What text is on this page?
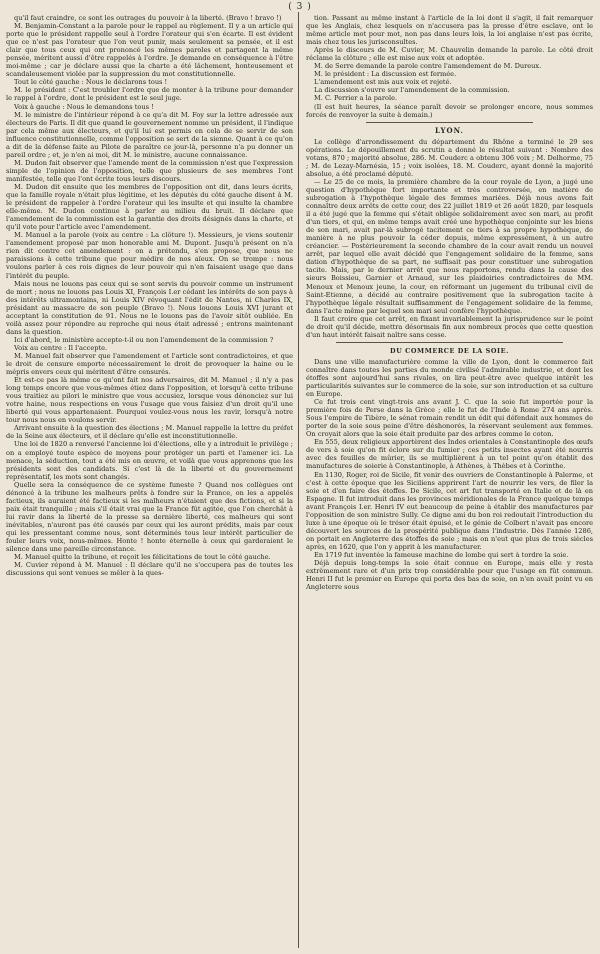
( 3 )

qu'il faut craindre, ce sont les outrages du pouvoir à la liberté. (Bravo ! bravo !)

M. Benjamin-Constant a la parole pour le rappel au règlement. Il y a un article qui porte que le président rappelle seul à l'ordre l'orateur qui s'en écarte. Il est évident que ce n'est pas l'orateur que l'on veut punir, mais seulement sa pensée, et il est clair que tous ceux qui ont prononcé les mêmes paroles et partagent la même pensée, méritent aussi d'être rappelés à l'ordre. Je demande en conséquence à l'être moi-même ; car je déclare aussi que la charte a été lâchement, honteusement et scandaleusement violée par la suppression du mot constitutionnelle.

Tout le côté gauche : Nous le déclarons tous !

M. le président : C'est troubler l'ordre que de monter à la tribune pour demander le rappel à l'ordre, dont le président est le seul juge.

Voix à gauche : Nous le demandons tous !

M. le ministre de l'intérieur répond à ce qu'a dit M. Foy sur la lettre adressée aux électeurs de Paris. Il dit que quand le gouvernement nomme un président, il l'indique par cela même aux électeurs, et qu'il lui est permis en cela de se servir de son influence constitutionnelle, comme l'opposition se sert de la sienne. Quant à ce qu'on a dit de la défense faite au Pilote de paraître ce jour-là, personne n'a pu donner un pareil ordre ; et, je n'en ai moi, dit M. le ministre, aucune connaissance.

M. Dudon fait observer que l'amende ment de la commission n'est que l'expression simple de l'opinion de l'opposition, telle que plusieurs de ses membres l'ont manifestée, telle que l'ont écrite tous leurs discours.

M. Dudon dit ensuite que les membres de l'opposition ont dit, dans leurs écrits, que la famille royale n'était plus légitime, et les députés du côté gauche disent à M. le président de rappeler à l'ordre l'orateur qui les insulte et qui insulte la chambre elle-même. M. Dudon continue à parler au milieu du bruit. Il déclare que l'amendement de la commission est la garantie des droits désignés dans la charte, et qu'il vote pour l'article avec l'amendement.

M. Manuel a la parole (voix au centre : La clôture !). Messieurs, je viens soutenir l'amendement proposé par mon honorable ami M. Dupont. Jusqu'à présent on n'a rien dit contre cet amendement : on a prétendu, s'en propose, que nous ne paraissions à cette tribune que pour médire de nos aïeux. On se trompe : nous voulons parler à ces rois dignes de leur pouvoir qui n'en faisaient usage que dans l'intérêt du peuple.

Mais nous ne louons pas ceux qui se sont servis du pouvoir comme un instrument de mort ; nous ne louons pas Louis XI, François I.er cédant les intérêts de son pays à des intérêts ultramontains, ni Louis XIV révoquant l'édit de Nantes, ni Charles IX, présidant au massacre de son peuple (Bravo !). Nous louons Louis XVI jurant et acceptant la constitution de 91. Nous ne le louons pas de l'avoir sitôt oubliée. En voilà assez pour répondre au reproche qui nous était adressé ; entrons maintenant dans la question.

Ici d'abord, le ministère accepte-t-il ou non l'amendement de la commission ?

Voix au centre : Il l'accepte.

M. Manuel fait observer que l'amendement et l'article sont contradictoires, et que le droit de censure emporte nécessairement le droit de provoquer la haine ou le mépris envers ceux qui méritent d'être censurés.

Et est-ce pas là même ce qu'ont fait nos adversaires, dit M. Manuel ; il n'y a pas long temps encore que vous-mêmes étiez dans l'opposition, et lorsqu'à cette tribune vous traitiez au pilori le ministre que vous accusiez, lorsque vous dénonciez sur lui votre haine, nous respections en vous l'usage que vous faisiez d'un droit qu'il une liberté qui vous appartenaient. Pourquoi voulez-vous nous les ravir, lorsqu'à notre tour nous nous en voulons servir.

Arrivant ensuite à la question des élections ; M. Manuel rappelle la lettre du préfet de la Seine aux électeurs, et il déclare qu'elle est inconstitutionnelle.

Une loi de 1820 a renversé l'ancienne loi d'élections, elle y a introduit le privilège ; on a employé toute espèce de moyens pour protéger un parti et l'amener ici. La menace, la séduction, tout a été mis en œuvre, et voilà que vous apprenons que les présidents sont des candidats. Si c'est là de la liberté et du gouvernement représentatif, les mots sont changés.

Quelle sera la conséquence de ce système funeste ? Quand nos collègues ont dénoncé à la tribune les malheurs prêts à fondre sur la France, on les a appelés factieux, ils auraient été factieux si les malheurs n'étaient que des fictions, et si la paix était tranquille ; mais s'il était vrai que la France fût agitée, que l'on cherchât à lui ravir dans la liberté de la presse sa dernière liberté, ces malheurs qui sont inévitables, n'auront pas été causés par ceux qui les auront prédits, mais par ceux qui les pressentant comme nous, sont déterminés tous leur intérêt particulier de fouler leurs voix, nous-mêmes. Honte ! honte éternelle à ceux qui garderaient le silence dans une pareille circonstance.

M. Manuel quitte la tribune, et reçoit les félicitations de tout le côté gauche.

M. Cuvier répond à M. Manuel : Il déclare qu'il ne s'occupera pas de toutes les discussions qui sont venues se mêler à la ques-

tion. Passant au même instant à l'article de la loi dont il s'agit, il fait remarquer que les Anglais, chez lesquels on n'accusera pas la presse d'être esclave, ont le même article mot pour mot, non pas dans leurs lois, la loi anglaise n'est pas écrite, mais chez tous les jurisconsultes.

Après le discours de M. Cuvier, M. Chauvelin demande la parole. Le côté droit réclame la clôture ; elle est mise aux voix et adoptée.

M. de Serre demande la parole contre l'amendement de M. Dureux.

M. le président : La discussion est fermée.

L'amendement est mis aux voix et rejeté.

La discussion s'ouvre sur l'amendement de la commission.

M. C. Perrier a la parole.

(Il est huit heures, la séance paraît devoir se prolonger encore, nous sommes forcés de renvoyer la suite à demain.)

LYON.

Le collège d'arrondissement du département du Rhône a terminé le 29 ses opérations. Le dépouillement du scrutin a donné le résultat suivant : Nombre des votans, 870 ; majorité absolue, 286. M. Couderc a obtenu 306 voix ; M. Delhorme, 75 ; M. de Lezay-Marnésia, 15 ; voix isolées, 18. M. Couderc, ayant donné la majorité absolue, a été proclamé député.

— Le 25 de ce mois, la première chambre de la cour royale de Lyon, a jugé une question d'hypothèque fort importante et très controversée, en matière de subrogation à l'hypothèque légale des femmes mariées. Déjà nous avons fait connaître deux arrêts de cette cour, des 22 juillet 1819 et 26 août 1820, par lesquels il a été jugé que la femme qui s'était obligée solidairement avec son mari, au profit d'un tiers, et qui, en même temps avait créé une hypothèque conjointe sur les biens de son mari, avait par-là subrogé tacitement ce tiers à sa propre hypothèque, de manière à ne plus pouvoir la céder depuis, même expressément, à un autre créancier. — Postérieurement la seconde chambre de la cour avait rendu un nouvel arrêt, par lequel elle avait décidé que l'engagement solidaire de la femme, sans dation d'hypothèque de sa part, ne suffisait pas pour constituer une subrogation tacite. Mais, par le dernier arrêt que nous rapportons, rendu dans la cause des sieurs Boissieu, Garnier et Arnaud, sur les plaidoiries contradictoires de MM. Menoux et Menoux jeune, la cour, en réformant un jugement du tribunal civil de Saint-Etienne, a décidé au contraire positivement que la subrogation tacite à l'hypothèque légale résultait suffisamment de l'engagement solidaire de la femme, dans l'acte même par lequel son mari seul confère l'hypothèque.

Il faut croire que cet arrêt, en fixant invariablement la jurisprudence sur le point de droit qu'il décide, mettra désormais fin aux nombreux procès que cette question d'un haut intérêt faisait naître sans cesse.

DU COMMERCE DE LA SOIE.

Dans une ville manufacturière comme la ville de Lyon, dont le commerce fait connaître dans toutes les parties du monde civilisé l'admirable industrie, et dont les étoffes sont aujourd'hui sans rivales, on lira peut-être avec quelque intérêt les particularités suivantes sur le commerce de la soie, sur son introduction et sa culture en Europe.

Ce fut trois cent vingt-trois ans avant J. C. que la soie fut importée pour la première fois de Perse dans la Grèce ; elle le fut de l'Inde à Rome 274 ans après. Sous l'empire de Tibère, le sénat romain rendit un édit qui défendait aux hommes de porter de la soie sous peine d'être déshonorés, la réservant seulement aux femmes. On croyait alors que la soie était produite par des arbres comme le coton.

En 555, deux religieux apportèrent des Indes orientales à Constantinople des œufs de vers à soie qu'on fit éclore sur du fumier ; ces petits insectes ayant été nourris avec des feuilles de mûrier, ils se multiplièrent à un tel point qu'on établit des manufactures de soierie à Constantinople, à Athènes, à Thèbes et à Corinthe.

En 1130, Roger, roi de Sicile, fit venir des ouvriers de Constantinople à Palerme, et c'est à cette époque que les Siciliens apprirent l'art de nourrir les vers, de filer la soie et d'en faire des étoffes. De Sicile, cet art fut transporté en Italie et de là en Espagne. Il fut introduit dans les provinces méridionales de la France quelque temps avant François I.er. Henri IV eut beaucoup de peine à établir des manufactures par l'opposition de son ministre Sully. Ce digne ami du bon roi redoutait l'introduction du luxe à une époque où le trésor était épuisé, et le génie de Colbert n'avait pas encore découvert les sources de la prospérité publique dans l'industrie. Dès l'année 1286, on portait en Angleterre des étoffes de soie ; mais on n'eut que plus de trois siècles après, en 1620, que l'on y apprit à les manufacturer.

En 1719 fut inventée la fameuse machine de lombe qui sert à tordre la soie.

Déjà depuis long-temps la soie était connue en Europe, mais elle y resta extrêmement rare et d'un prix trop considérable pour que l'usage en fût commun. Henri II fut le premier en Europe qui porta des bas de soie, on n'en avait point vu en Angleterre sous
